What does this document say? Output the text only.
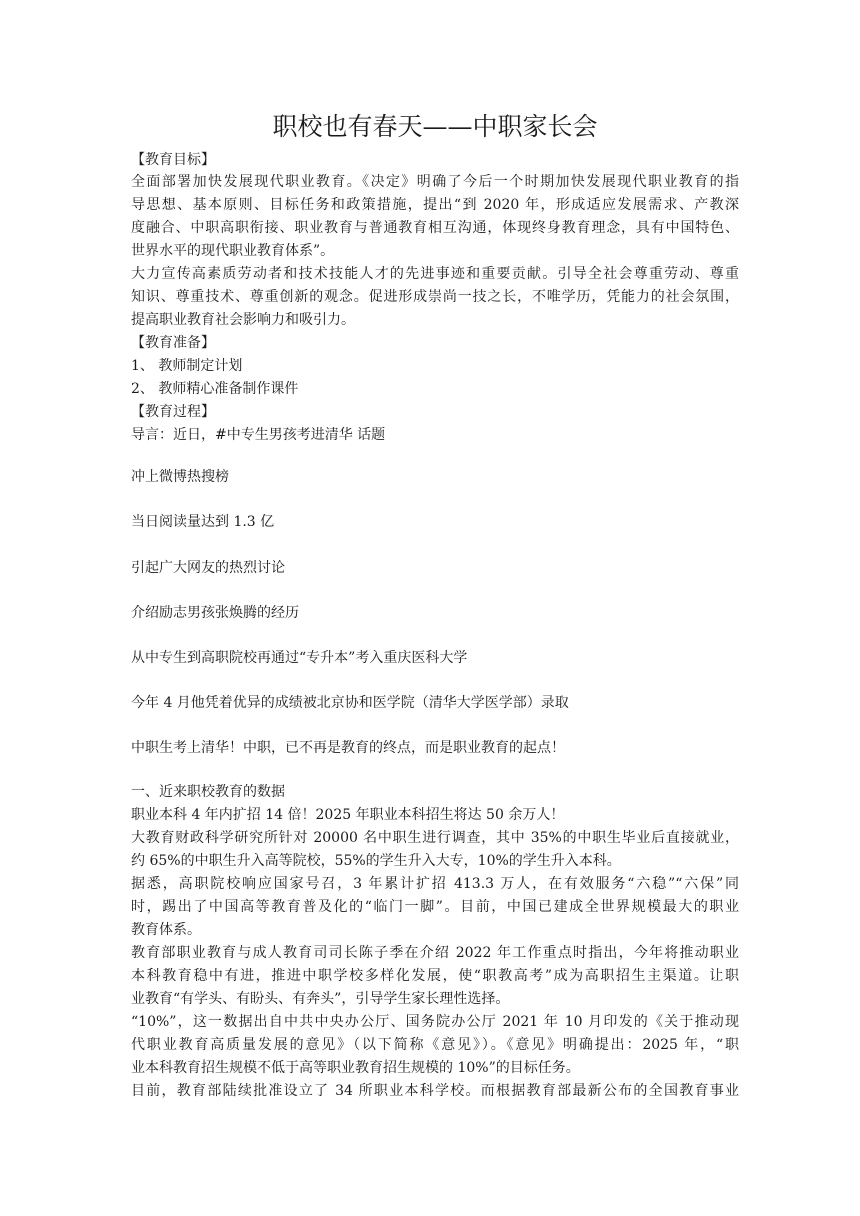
职校也有春天——中职家长会
【教育目标】
全面部署加快发展现代职业教育。《决定》明确了今后一个时期加快发展现代职业教育的指
导思想、基本原则、目标任务和政策措施，提出“到 2020 年，形成适应发展需求、产教深
度融合、中职高职衔接、职业教育与普通教育相互沟通，体现终身教育理念，具有中国特色、
世界水平的现代职业教育体系”。
大力宣传高素质劳动者和技术技能人才的先进事迹和重要贡献。引导全社会尊重劳动、尊重
知识、尊重技术、尊重创新的观念。促进形成崇尚一技之长，不唯学历，凭能力的社会氛围，
提高职业教育社会影响力和吸引力。
【教育准备】
1、 教师制定计划
2、 教师精心准备制作课件
【教育过程】
导言：近日，#中专生男孩考进清华 话题
冲上微博热搜榜
当日阅读量达到 1.3 亿
引起广大网友的热烈讨论
介绍励志男孩张焕腾的经历
从中专生到高职院校再通过“专升本”考入重庆医科大学
今年 4 月他凭着优异的成绩被北京协和医学院（清华大学医学部）录取
中职生考上清华！中职，已不再是教育的终点，而是职业教育的起点！
一、近来职校教育的数据
职业本科 4 年内扩招 14 倍！2025 年职业本科招生将达 50 余万人！
大教育财政科学研究所针对 20000 名中职生进行调查，其中 35%的中职生毕业后直接就业，
约 65%的中职生升入高等院校，55%的学生升入大专，10%的学生升入本科。
据悉，高职院校响应国家号召，3 年累计扩招 413.3 万人，在有效服务“六稳”“六保”同
时，踢出了中国高等教育普及化的“临门一脚”。目前，中国已建成全世界规模最大的职业
教育体系。
教育部职业教育与成人教育司司长陈子季在介绍 2022 年工作重点时指出，今年将推动职业
本科教育稳中有进，推进中职学校多样化发展，使“职教高考”成为高职招生主渠道。让职
业教育“有学头、有盼头、有奔头”，引导学生家长理性选择。
“10%”，这一数据出自中共中央办公厅、国务院办公厅 2021 年 10 月印发的《关于推动现
代职业教育高质量发展的意见》（以下简称《意见》）。《意见》明确提出：2025 年，“职
业本科教育招生规模不低于高等职业教育招生规模的 10%”的目标任务。
目前，教育部陆续批准设立了 34 所职业本科学校。而根据教育部最新公布的全国教育事业
